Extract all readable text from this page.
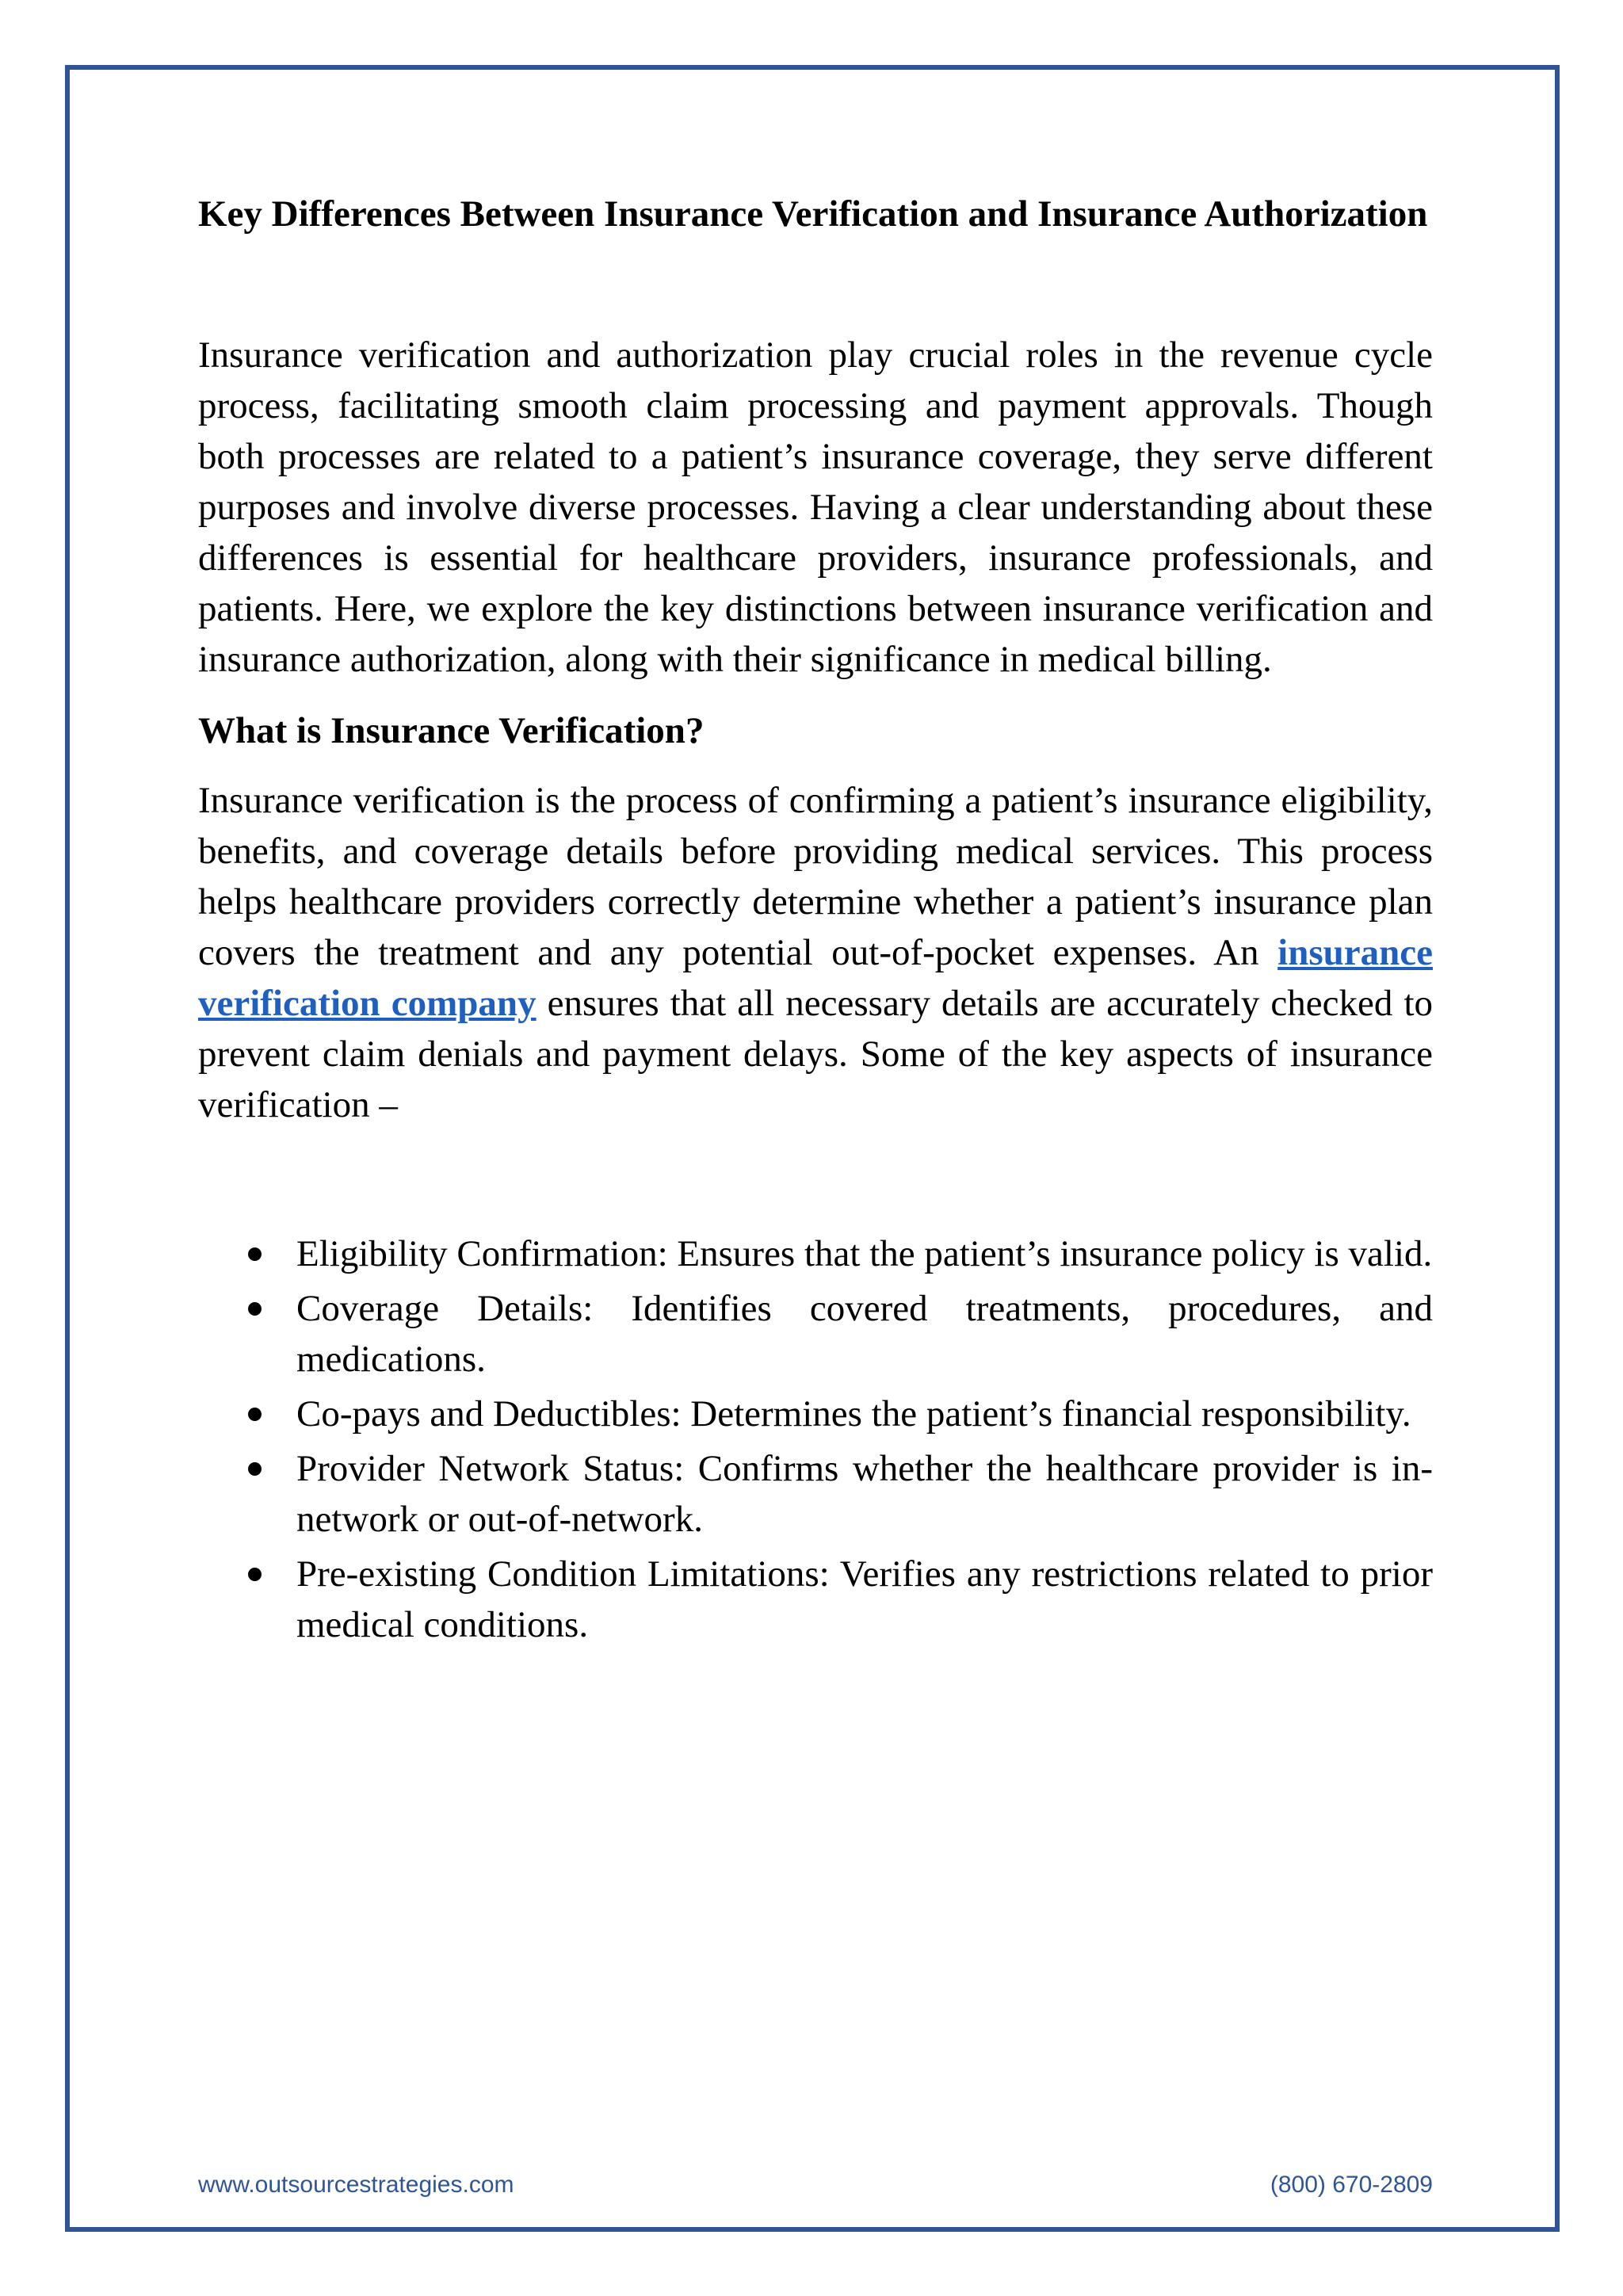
Key Differences Between Insurance Verification and Insurance Authorization

Insurance verification and authorization play crucial roles in the revenue cycle process, facilitating smooth claim processing and payment approvals. Though both processes are related to a patient’s insurance coverage, they serve different purposes and involve diverse processes. Having a clear understanding about these differences is essential for healthcare providers, insurance professionals, and patients. Here, we explore the key distinctions between insurance verification and insurance authorization, along with their significance in medical billing.

What is Insurance Verification?

Insurance verification is the process of confirming a patient’s insurance eligibility, benefits, and coverage details before providing medical services. This process helps healthcare providers correctly determine whether a patient’s insurance plan covers the treatment and any potential out-of-pocket expenses. An insurance verification company ensures that all necessary details are accurately checked to prevent claim denials and payment delays. Some of the key aspects of insurance verification –

Eligibility Confirmation: Ensures that the patient’s insurance policy is valid.
Coverage Details: Identifies covered treatments, procedures, and medications.
Co-pays and Deductibles: Determines the patient’s financial responsibility.
Provider Network Status: Confirms whether the healthcare provider is in-network or out-of-network.
Pre-existing Condition Limitations: Verifies any restrictions related to prior medical conditions.
www.outsourcestrategies.com	(800) 670-2809
